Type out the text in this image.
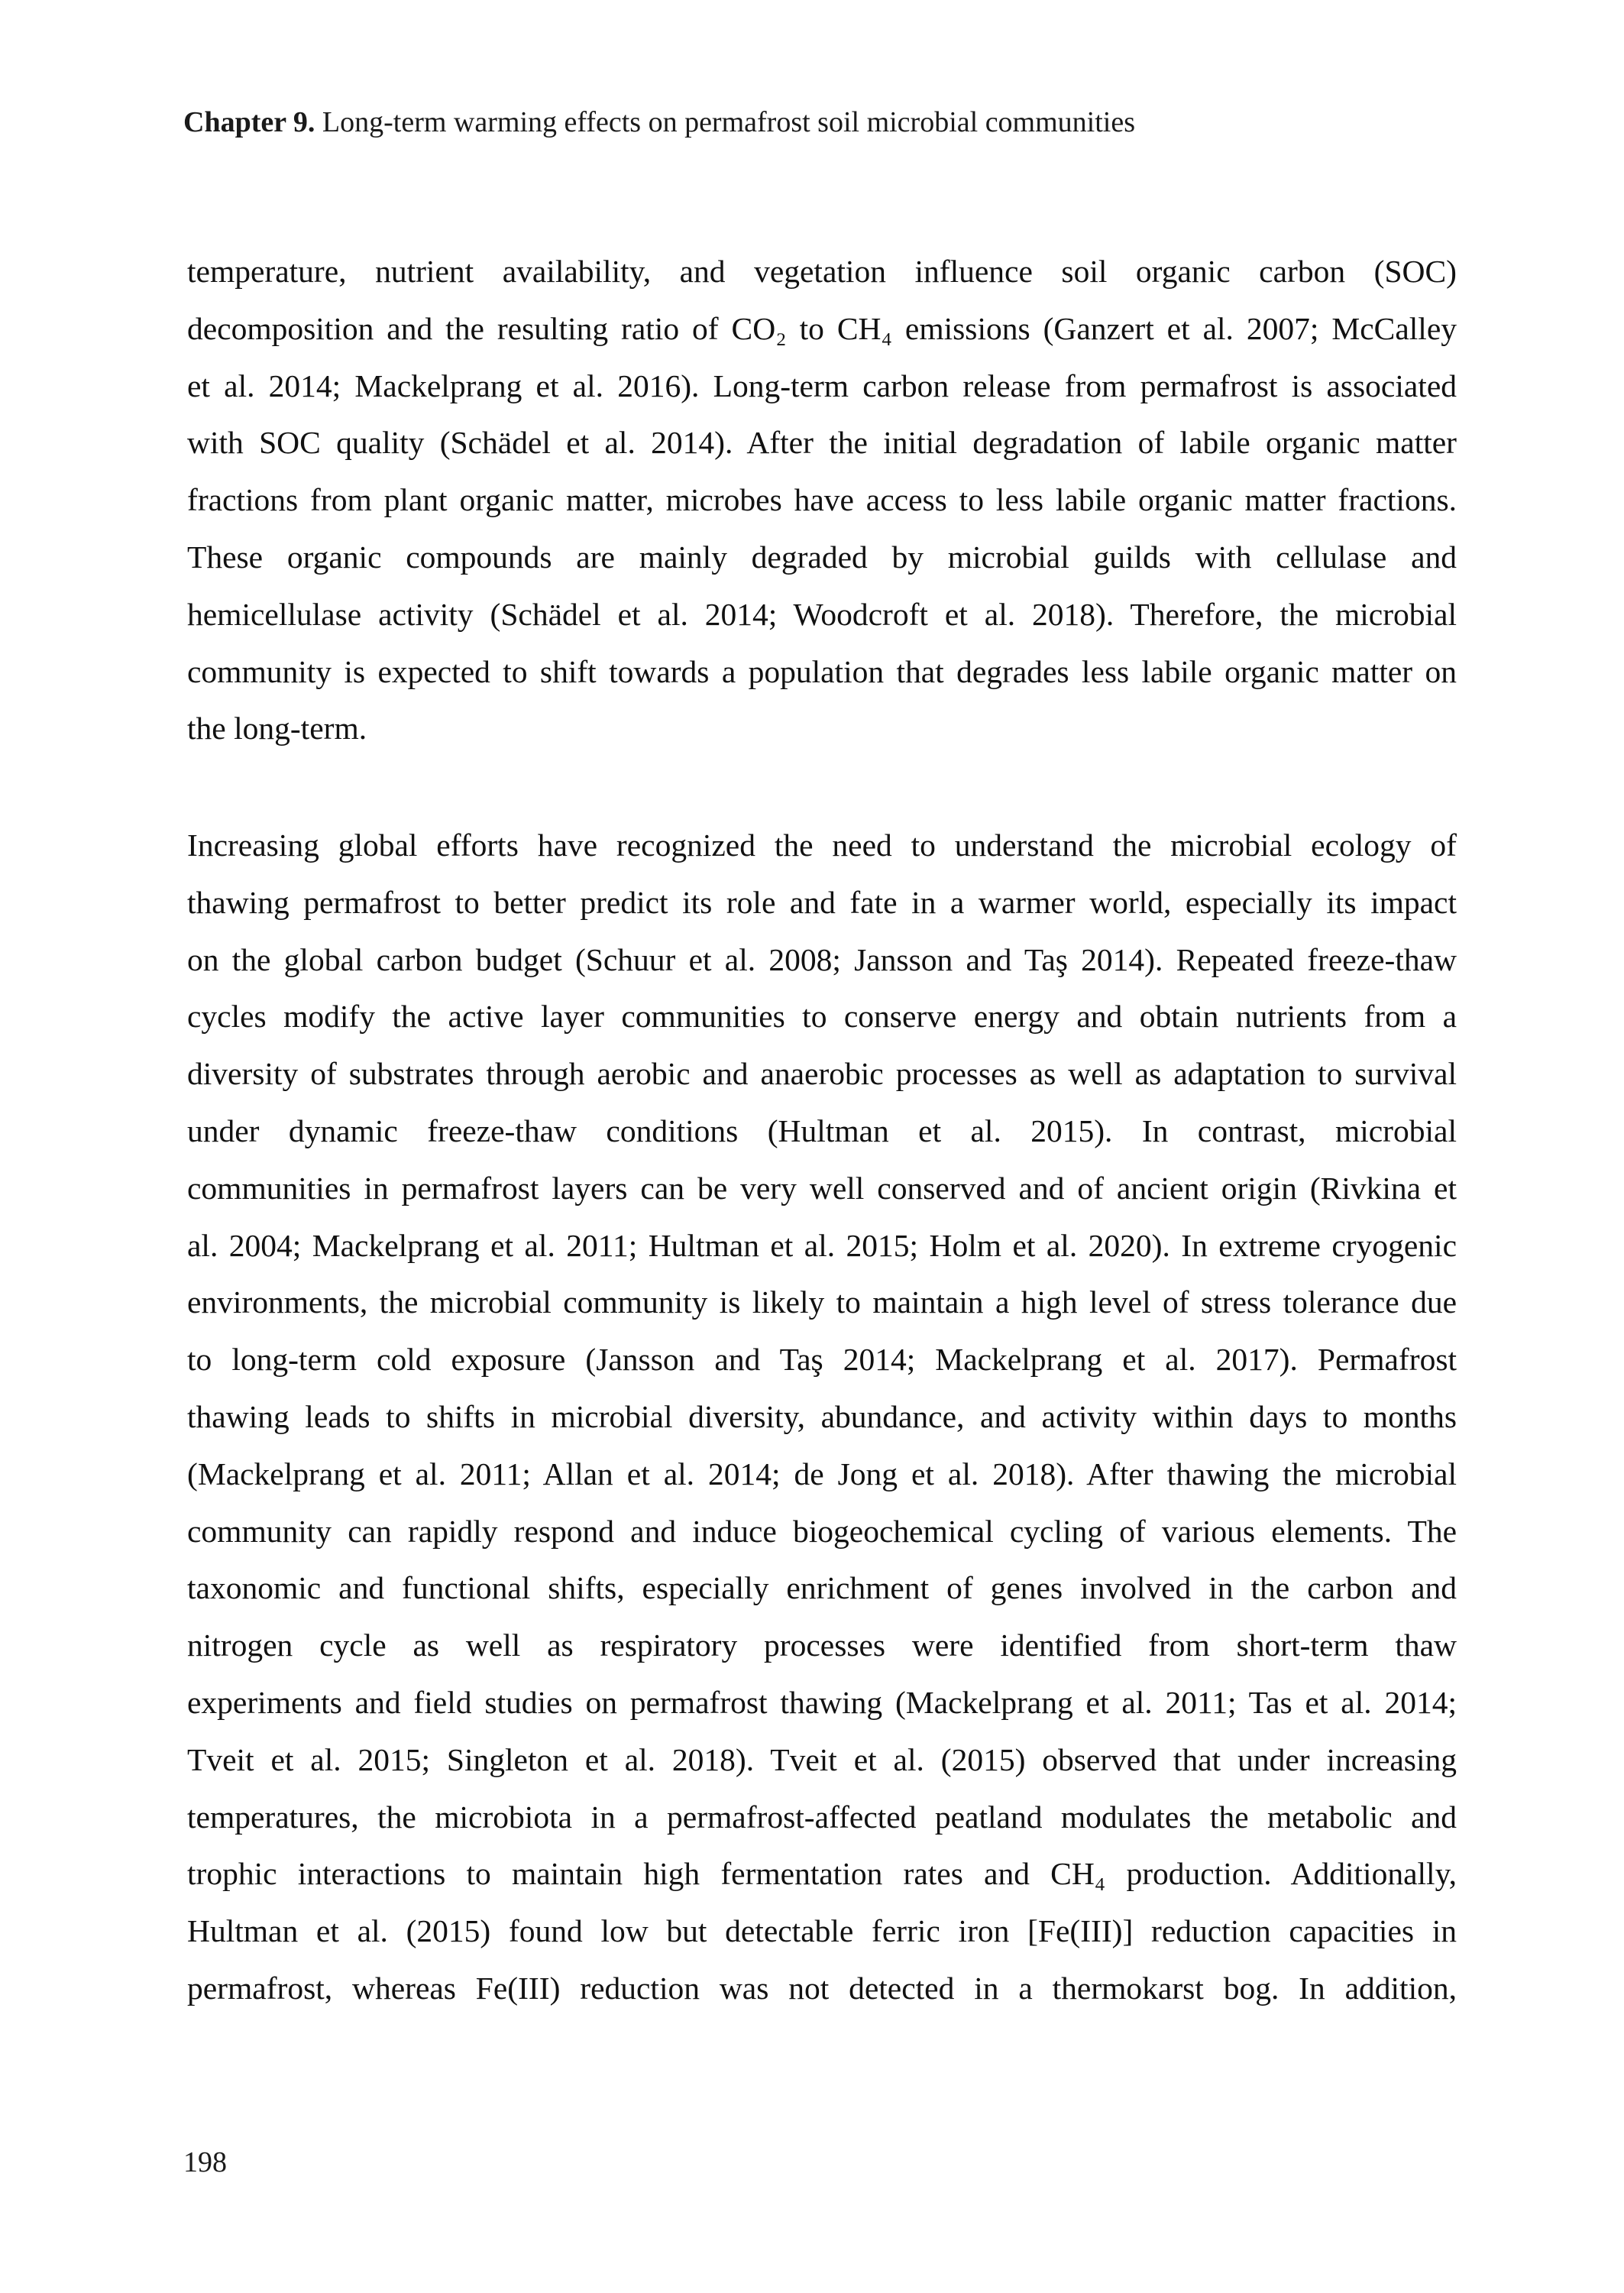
Chapter 9. Long-term warming effects on permafrost soil microbial communities

temperature, nutrient availability, and vegetation influence soil organic carbon (SOC)

decomposition and the resulting ratio of CO₂ to CH₄ emissions (Ganzert et al. 2007; McCalley

et al. 2014; Mackelprang et al. 2016). Long-term carbon release from permafrost is associated

with SOC quality (Schädel et al. 2014). After the initial degradation of labile organic matter

fractions from plant organic matter, microbes have access to less labile organic matter fractions.

These organic compounds are mainly degraded by microbial guilds with cellulase and

hemicellulase activity (Schädel et al. 2014; Woodcroft et al. 2018). Therefore, the microbial

community is expected to shift towards a population that degrades less labile organic matter on

the long-term.

Increasing global efforts have recognized the need to understand the microbial ecology of

thawing permafrost to better predict its role and fate in a warmer world, especially its impact

on the global carbon budget (Schuur et al. 2008; Jansson and Taş 2014). Repeated freeze-thaw

cycles modify the active layer communities to conserve energy and obtain nutrients from a

diversity of substrates through aerobic and anaerobic processes as well as adaptation to survival

under dynamic freeze-thaw conditions (Hultman et al. 2015). In contrast, microbial

communities in permafrost layers can be very well conserved and of ancient origin (Rivkina et

al. 2004; Mackelprang et al. 2011; Hultman et al. 2015; Holm et al. 2020). In extreme cryogenic

environments, the microbial community is likely to maintain a high level of stress tolerance due

to long-term cold exposure (Jansson and Taş 2014; Mackelprang et al. 2017). Permafrost

thawing leads to shifts in microbial diversity, abundance, and activity within days to months

(Mackelprang et al. 2011; Allan et al. 2014; de Jong et al. 2018). After thawing the microbial

community can rapidly respond and induce biogeochemical cycling of various elements. The

taxonomic and functional shifts, especially enrichment of genes involved in the carbon and

nitrogen cycle as well as respiratory processes were identified from short-term thaw

experiments and field studies on permafrost thawing (Mackelprang et al. 2011; Tas et al. 2014;

Tveit et al. 2015; Singleton et al. 2018). Tveit et al. (2015) observed that under increasing

temperatures, the microbiota in a permafrost-affected peatland modulates the metabolic and

trophic interactions to maintain high fermentation rates and CH₄ production. Additionally,

Hultman et al. (2015) found low but detectable ferric iron [Fe(III)] reduction capacities in

permafrost, whereas Fe(III) reduction was not detected in a thermokarst bog. In addition,

198
